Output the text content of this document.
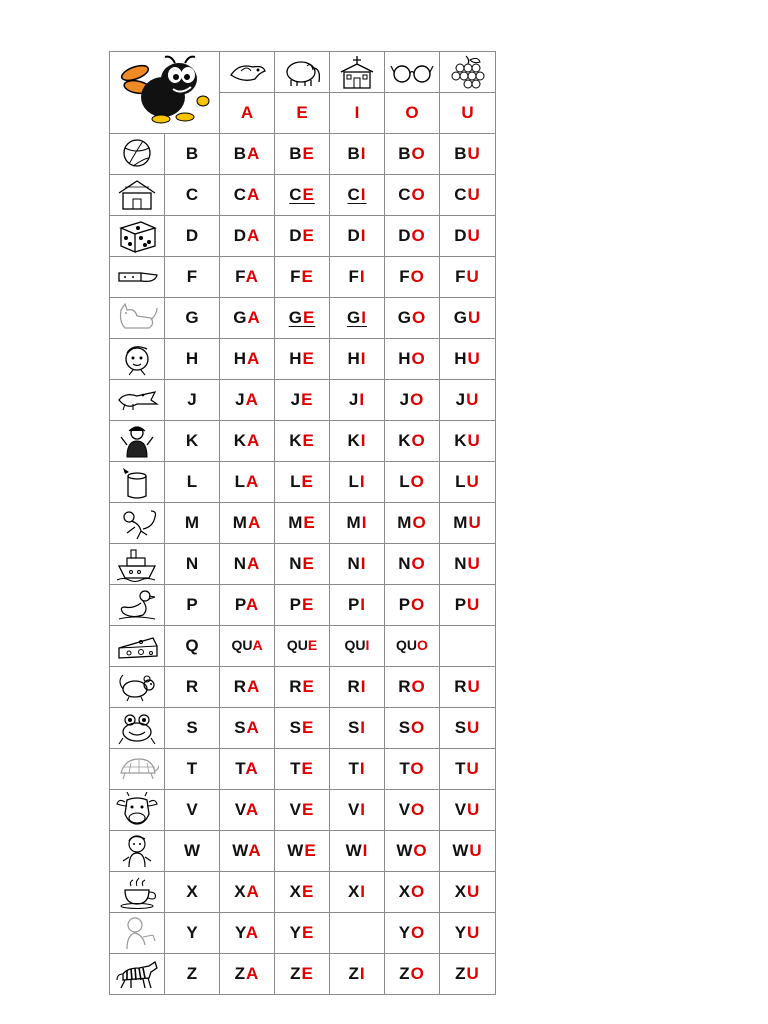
		A	E	I	O	U

	B	BA	BE	BI	BO	BU

	C	CA	CE	CI	CO	CU

	D	DA	DE	DI	DO	DU

	F	FA	FE	FI	FO	FU

	G	GA	GE	GI	GO	GU

	H	HA	HE	HI	HO	HU

	J	JA	JE	JI	JO	JU

	K	KA	KE	KI	KO	KU

	L	LA	LE	LI	LO	LU

	M	MA	ME	MI	MO	MU

	N	NA	NE	NI	NO	NU

	P	PA	PE	PI	PO	PU

	Q	QUA	QUE	QUI	QUO	

	R	RA	RE	RI	RO	RU

	S	SA	SE	SI	SO	SU

	T	TA	TE	TI	TO	TU

	V	VA	VE	VI	VO	VU

	W	WA	WE	WI	WO	WU

	X	XA	XE	XI	XO	XU

	Y	YA	YE		YO	YU

	Z	ZA	ZE	ZI	ZO	ZU
